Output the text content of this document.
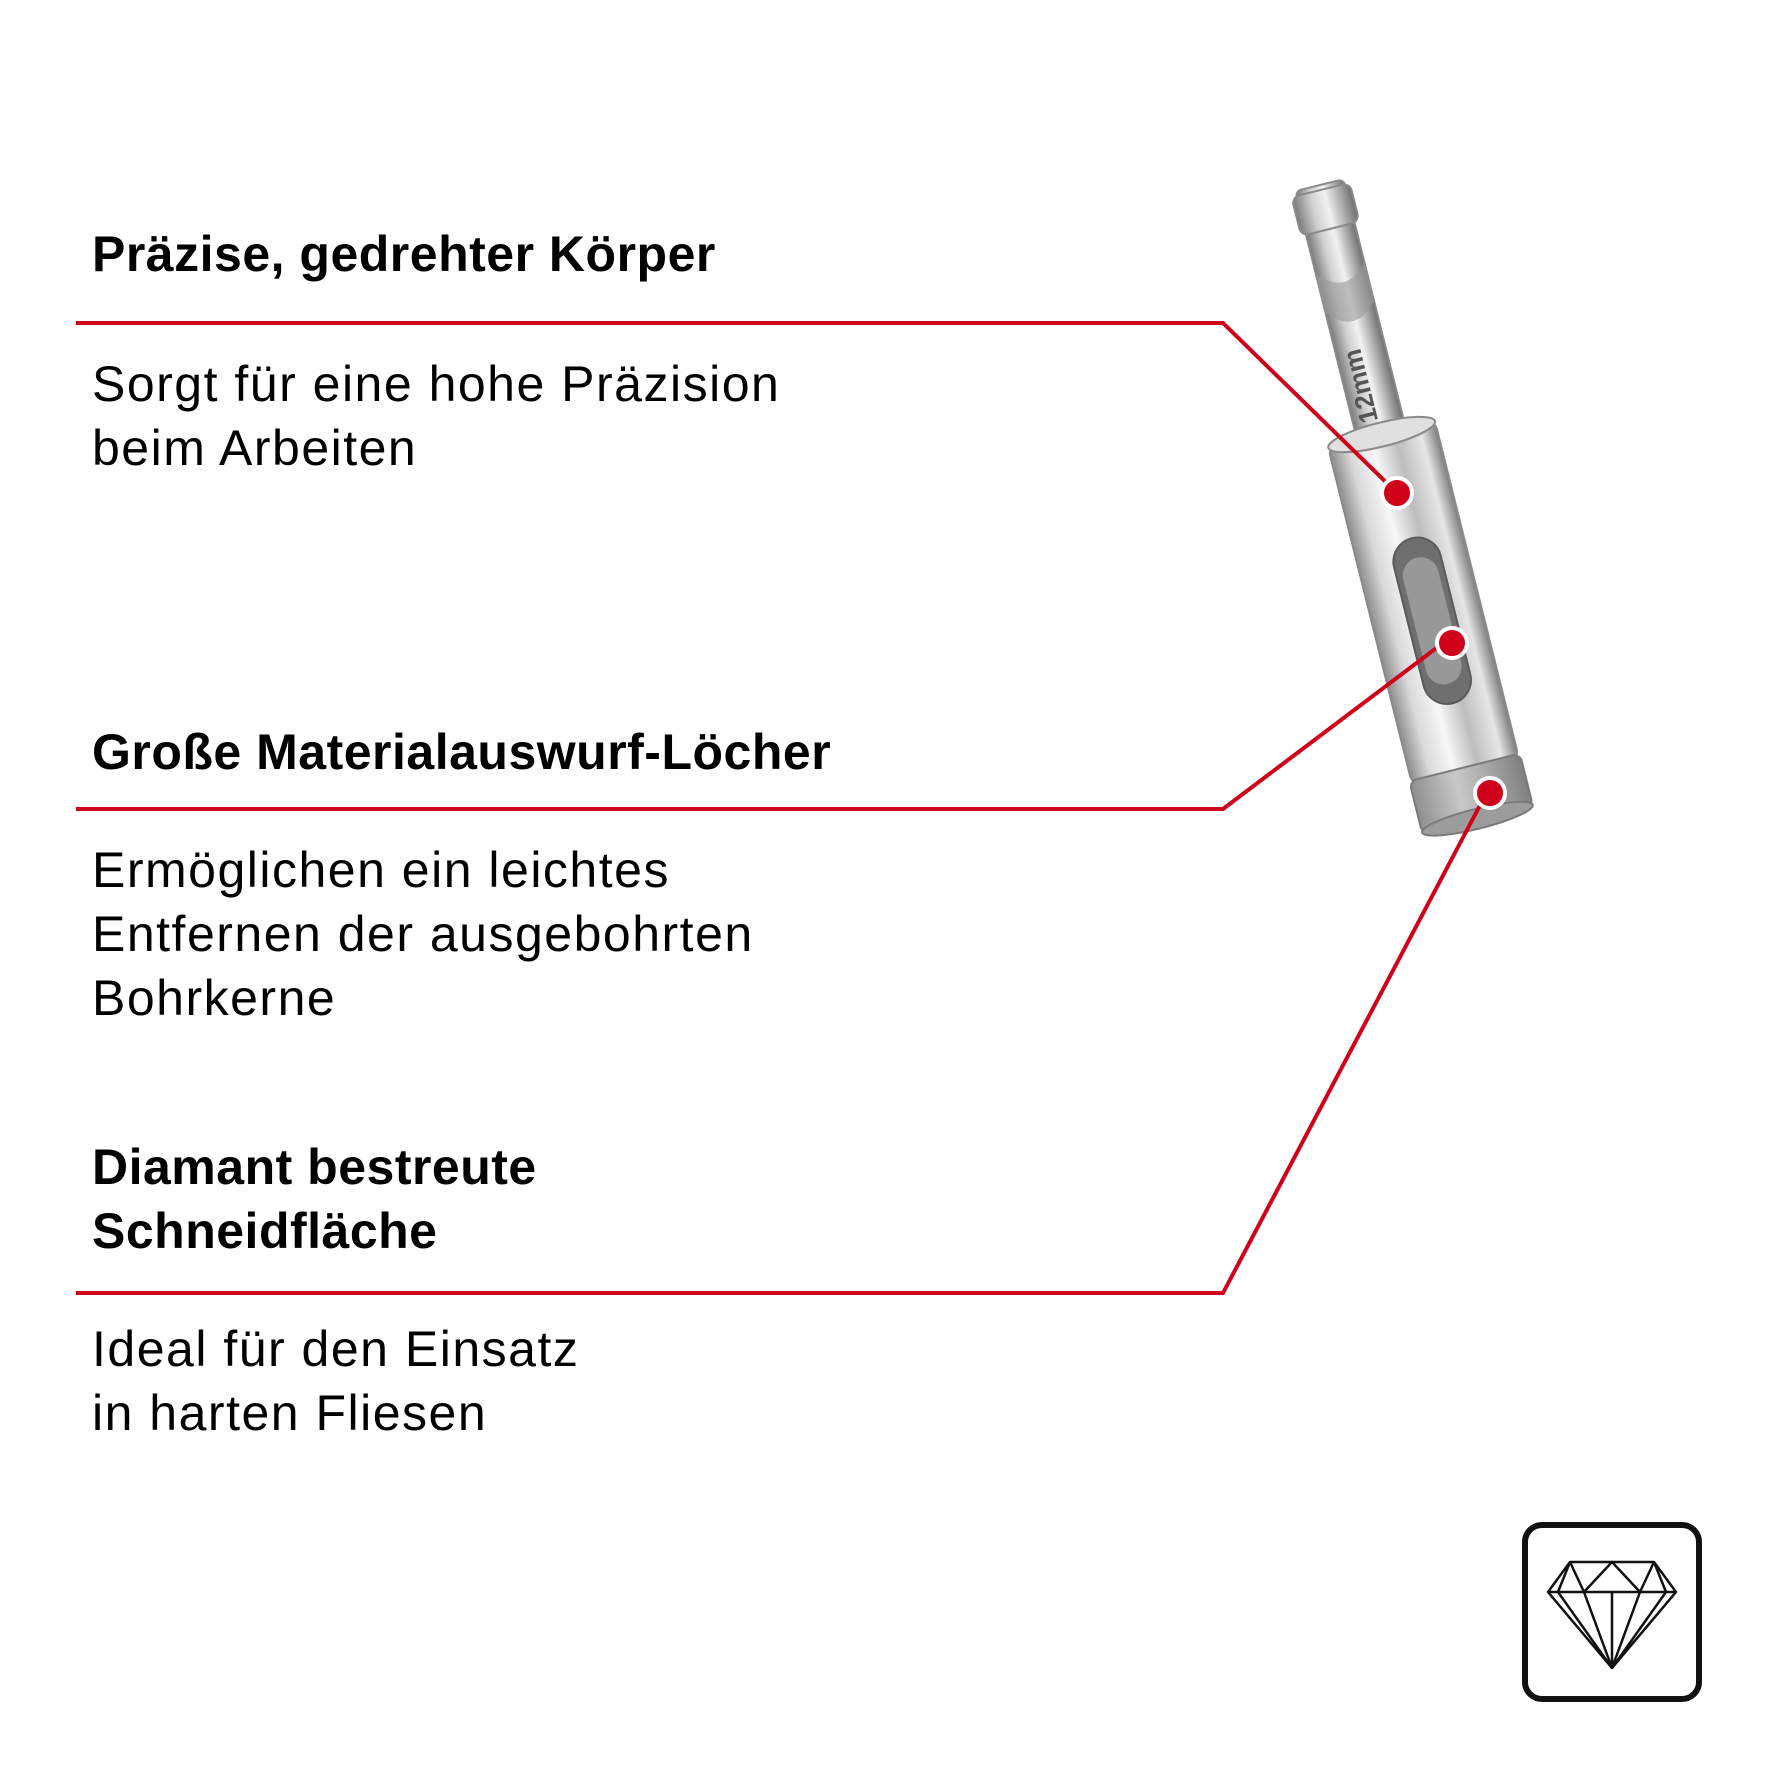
Präzise, gedrehter Körper

Sorgt für eine hohe Präzision
beim Arbeiten

Große Materialauswurf-Löcher

Ermöglichen ein leichtes
Entfernen der ausgebohrten
Bohrkerne

Diamant bestreute
Schneidfläche

Ideal für den Einsatz
in harten Fliesen

12mm
